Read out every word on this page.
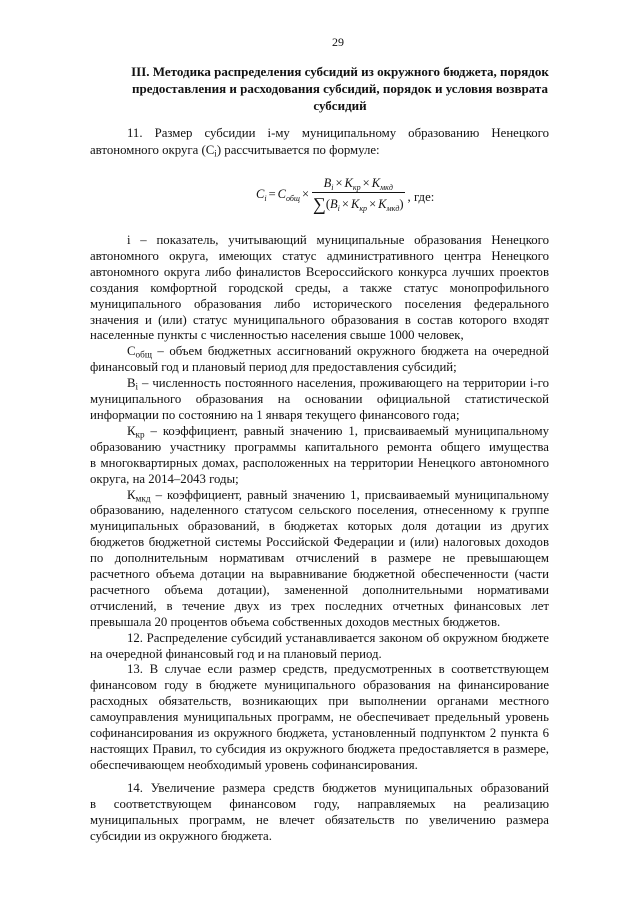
29
III. Методика распределения субсидий из окружного бюджета, порядок
предоставления и расходования субсидий, порядок и условия возврата
субсидий
11. Размер субсидии i-му муниципальному образованию Ненецкого
автономного округа $(С_i)$ рассчитывается по формуле:
$C_i = C_{общ} \times \frac{B_i \times K_{кр} \times K_{мкд}}{\sum(B_i \times K_{кр} \times K_{мкд})}$ , где:
i – показатель, учитывающий муниципальные образования Ненецкого
автономного округа, имеющих статус административного центра Ненецкого
автономного округа либо финалистов Всероссийского конкурса лучших проектов
создания комфортной городской среды, а также статус монопрофильного
муниципального образования либо исторического поселения федерального
значения и (или) статус муниципального образования в состав которого входят
населенные пункты с численностью населения свыше 1000 человек,
$С_{общ}$ – объем бюджетных ассигнований окружного бюджета на очередной
финансовый год и плановый период для предоставления субсидий;
$В_i$ – численность постоянного населения, проживающего на территории i-го
муниципального образования на основании официальной статистической
информации по состоянию на 1 января текущего финансового года;
$К_{кр}$ – коэффициент, равный значению 1, присваиваемый муниципальному
образованию участнику программы капитального ремонта общего имущества
в многоквартирных домах, расположенных на территории Ненецкого автономного
округа, на 2014–2043 годы;
$К_{мкд}$ – коэффициент, равный значению 1, присваиваемый муниципальному
образованию, наделенного статусом сельского поселения, отнесенному к группе
муниципальных образований, в бюджетах которых доля дотации из других
бюджетов бюджетной системы Российской Федерации и (или) налоговых доходов
по дополнительным нормативам отчислений в размере не превышающем
расчетного объема дотации на выравнивание бюджетной обеспеченности (части
расчетного объема дотации), замененной дополнительными нормативами
отчислений, в течение двух из трех последних отчетных финансовых лет
превышала 20 процентов объема собственных доходов местных бюджетов.
12. Распределение субсидий устанавливается законом об окружном бюджете
на очередной финансовый год и на плановый период.
13. В случае если размер средств, предусмотренных в соответствующем
финансовом году в бюджете муниципального образования на финансирование
расходных обязательств, возникающих при выполнении органами местного
самоуправления муниципальных программ, не обеспечивает предельный уровень
софинансирования из окружного бюджета, установленный подпунктом 2 пункта 6
настоящих Правил, то субсидия из окружного бюджета предоставляется в размере,
обеспечивающем необходимый уровень софинансирования.
14. Увеличение размера средств бюджетов муниципальных образований
в соответствующем финансовом году, направляемых на реализацию
муниципальных программ, не влечет обязательств по увеличению размера
субсидии из окружного бюджета.
